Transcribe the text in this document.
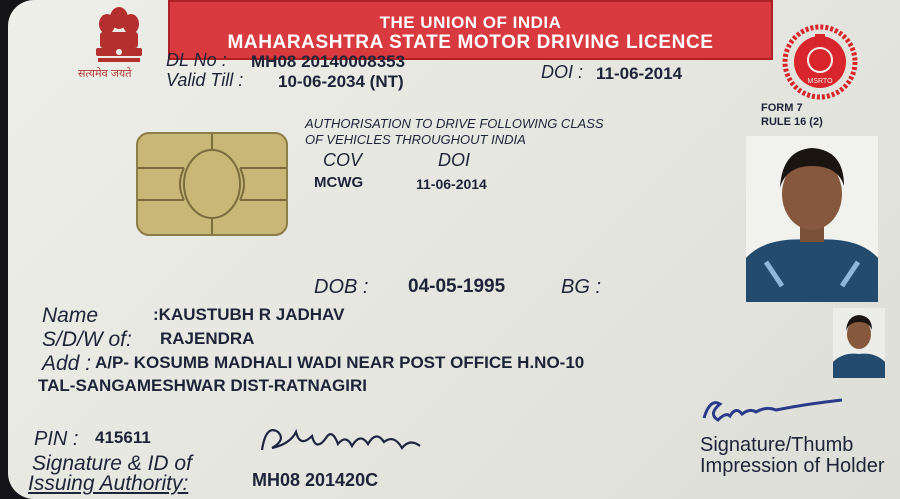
सत्यमेव जयते
THE UNION OF INDIA
MAHARASHTRA STATE MOTOR DRIVING LICENCE
MSRTO
DL No : MH08 20140008353
Valid Till : 10-06-2034 (NT)	DOI : 11-06-2014
FORM 7
RULE 16 (2)
AUTHORISATION TO DRIVE FOLLOWING CLASS
OF VEHICLES THROUGHOUT INDIA
COV	DOI
MCWG	11-06-2014
DOB : 04-05-1995	BG :
Name	:KAUSTUBH R JADHAV
S/D/W of: RAJENDRA
Add : A/P- KOSUMB MADHALI WADI NEAR POST OFFICE H.NO-10
TAL-SANGAMESHWAR DIST-RATNAGIRI
PIN : 415611
Signature & ID of
Issuing Authority:	MH08 201420C
Signature/Thumb
Impression of Holder
